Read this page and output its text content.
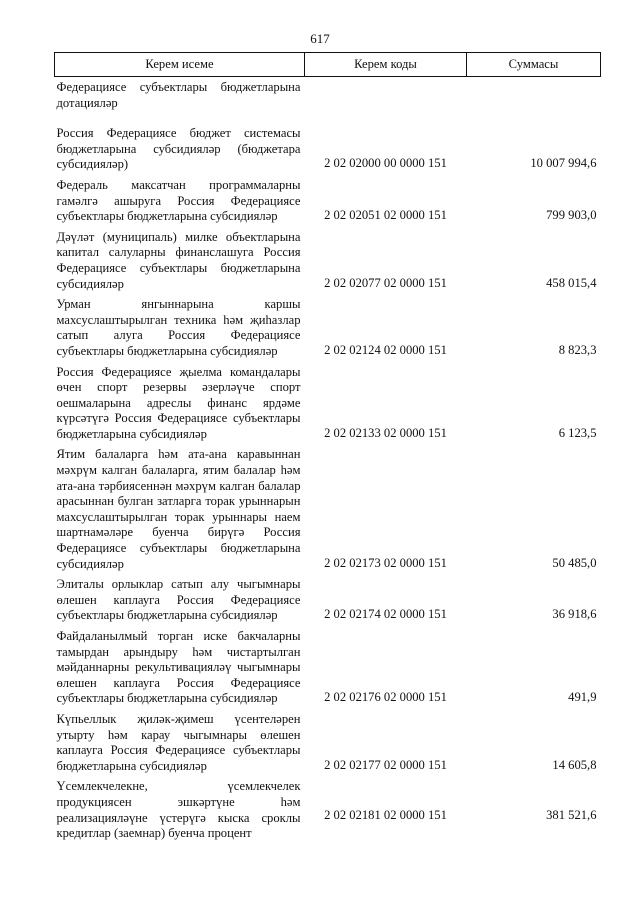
617
Керем исеме	Керем коды	Суммасы
Федерациясе субъектлары бюджетларына дотацияләр		
Россия Федерациясе бюджет системасы бюджетларына субсидияләр (бюджетара субсидияләр)	2 02 02000 00 0000 151	10 007 994,6
Федераль максатчан программаларны гамәлгә ашыруга Россия Федерациясе субъектлары бюджетларына субсидияләр	2 02 02051 02 0000 151	799 903,0
Дәүләт (муниципаль) милке объектларына капитал салуларны финанслашуга Россия Федерациясе субъектлары бюджетларына субсидияләр	2 02 02077 02 0000 151	458 015,4
Урман янгыннарына каршы махсуслаштырылган техника һәм җиһазлар сатып алуга Россия Федерациясе субъектлары бюджетларына субсидияләр	2 02 02124 02 0000 151	8 823,3
Россия Федерациясе җыелма командалары өчен спорт резервы әзерләүче спорт оешмаларына адреслы финанс ярдәме күрсәтүгә Россия Федерациясе субъектлары бюджетларына субсидияләр	2 02 02133 02 0000 151	6 123,5
Ятим балаларга һәм ата-ана каравыннан мәхрүм калган балаларга, ятим балалар һәм ата-ана тәрбиясеннән мәхрүм калган балалар арасыннан булган затларга торак урыннарын махсуслаштырылган торак урыннары наем шартнамәләре буенча бирүгә Россия Федерациясе субъектлары бюджетларына субсидияләр	2 02 02173 02 0000 151	50 485,0
Элиталы орлыклар сатып алу чыгымнары өлешен каплауга Россия Федерациясе субъектлары бюджетларына субсидияләр	2 02 02174 02 0000 151	36 918,6
Файдаланылмый торган иске бакчаларны тамырдан арындыру һәм чистартылган мәйданнарны рекультивацияләү чыгымнары өлешен каплауга Россия Федерациясе субъектлары бюджетларына субсидияләр	2 02 02176 02 0000 151	491,9
Күпьеллык җиләк-җимеш үсентеләрен утырту һәм карау чыгымнары өлешен каплауга Россия Федерациясе субъектлары бюджетларына субсидияләр	2 02 02177 02 0000 151	14 605,8
Үсемлекчелекне, үсемлекчелек продукциясен эшкәртүне һәм реализацияләүне үстерүгә кыска сроклы кредитлар (заемнар) буенча процент	2 02 02181 02 0000 151	381 521,6
